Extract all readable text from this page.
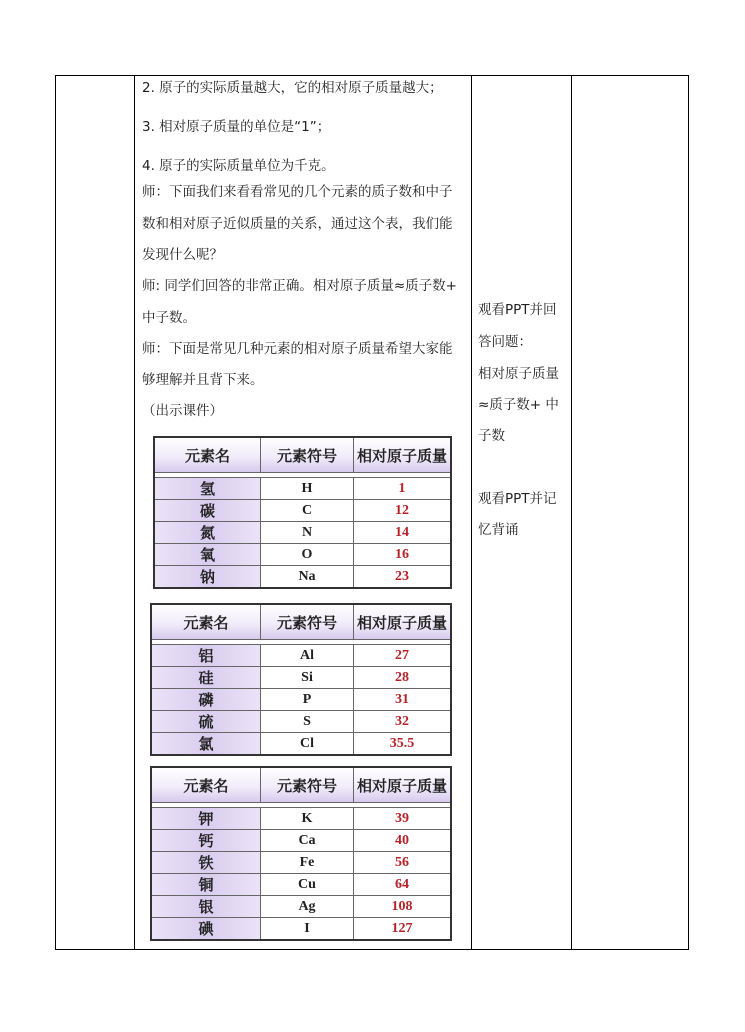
2. 原子的实际质量越大，它的相对原子质量越大；
3. 相对原子质量的单位是“1”；
4. 原子的实际质量单位为千克。
师：下面我们来看看常见的几个元素的质子数和中子
数和相对原子近似质量的关系，通过这个表，我们能
发现什么呢？
师: 同学们回答的非常正确。相对原子质量≈质子数+
中子数。
师：下面是常见几种元素的相对原子质量希望大家能
够理解并且背下来。
（出示课件）
观看PPT并回
答问题：
相对原子质量
≈质子数+ 中
子数
观看PPT并记
忆背诵
元素名	元素符号	相对原子质量

氢	H	1
碳	C	12
氮	N	14
氧	O	16
钠	Na	23
元素名	元素符号	相对原子质量

铝	Al	27
硅	Si	28
磷	P	31
硫	S	32
氯	Cl	35.5
元素名	元素符号	相对原子质量

钾	K	39
钙	Ca	40
铁	Fe	56
铜	Cu	64
银	Ag	108
碘	I	127
